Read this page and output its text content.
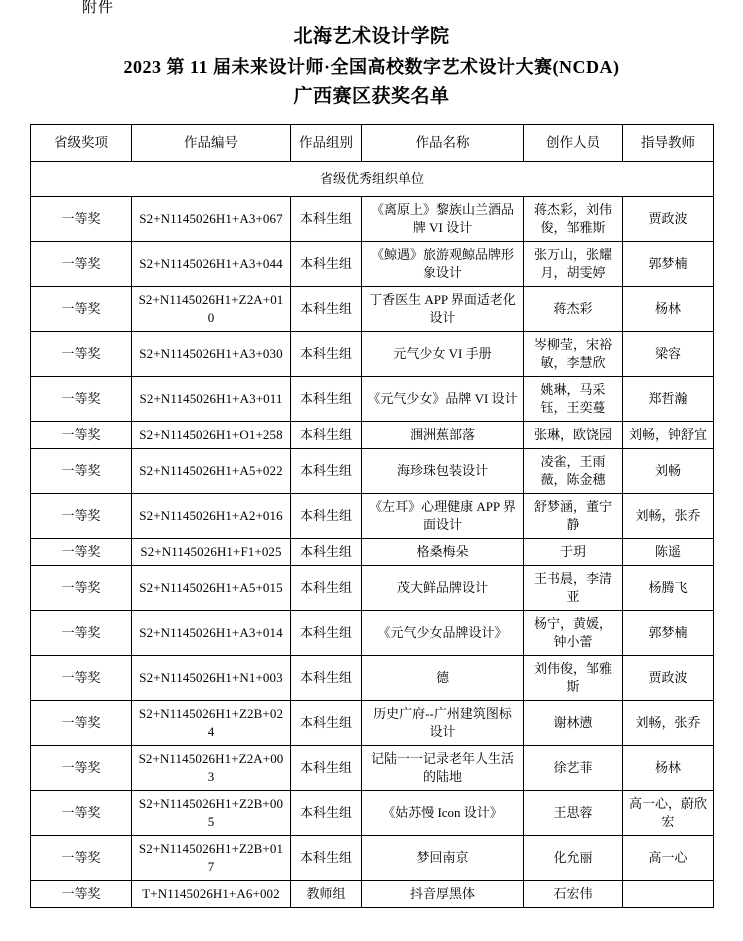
附件
北海艺术设计学院
2023 第 11 届未来设计师·全国高校数字艺术设计大赛(NCDA)
广西赛区获奖名单
省级奖项	作品编号	作品组别	作品名称	创作人员	指导教师
省级优秀组织单位					
一等奖	S2+N1145026H1+A3+067	本科生组	《离原上》黎族山兰酒品牌 VI 设计	蒋杰彩，刘伟俊，邹雅斯	贾政波
一等奖	S2+N1145026H1+A3+044	本科生组	《鲸遇》旅游观鲸品牌形象设计	张万山，张耀月，胡雯婷	郭梦楠
一等奖	S2+N1145026H1+Z2A+010	本科生组	丁香医生 APP 界面适老化设计	蒋杰彩	杨林
一等奖	S2+N1145026H1+A3+030	本科生组	元气少女 VI 手册	岑柳莹，宋裕敏，李慧欣	梁容
一等奖	S2+N1145026H1+A3+011	本科生组	《元气少女》品牌 VI 设计	姚琳，马采钰，王奕蔓	郑哲瀚
一等奖	S2+N1145026H1+O1+258	本科生组	涠洲蕉部落	张琳，欧饶园	刘畅，钟舒宜
一等奖	S2+N1145026H1+A5+022	本科生组	海珍珠包装设计	凌雀，王雨薇，陈金穗	刘畅
一等奖	S2+N1145026H1+A2+016	本科生组	《左耳》心理健康 APP 界面设计	舒梦涵，董宁静	刘畅，张乔
一等奖	S2+N1145026H1+F1+025	本科生组	格桑梅朵	于玥	陈遥
一等奖	S2+N1145026H1+A5+015	本科生组	茂大鲜品牌设计	王书晨，李清亚	杨腾飞
一等奖	S2+N1145026H1+A3+014	本科生组	《元气少女品牌设计》	杨宁，黄媛，钟小蕾	郭梦楠
一等奖	S2+N1145026H1+N1+003	本科生组	德	刘伟俊，邹雅斯	贾政波
一等奖	S2+N1145026H1+Z2B+024	本科生组	历史广府--广州建筑图标设计	谢林懑	刘畅，张乔
一等奖	S2+N1145026H1+Z2A+003	本科生组	记陆一一记录老年人生活的陆地	徐艺菲	杨林
一等奖	S2+N1145026H1+Z2B+005	本科生组	《姑苏慢 Icon 设计》	王思蓉	高一心，蔚欣宏
一等奖	S2+N1145026H1+Z2B+017	本科生组	梦回南京	化允丽	高一心
一等奖	T+N1145026H1+A6+002	教师组	抖音厚黑体	石宏伟	
